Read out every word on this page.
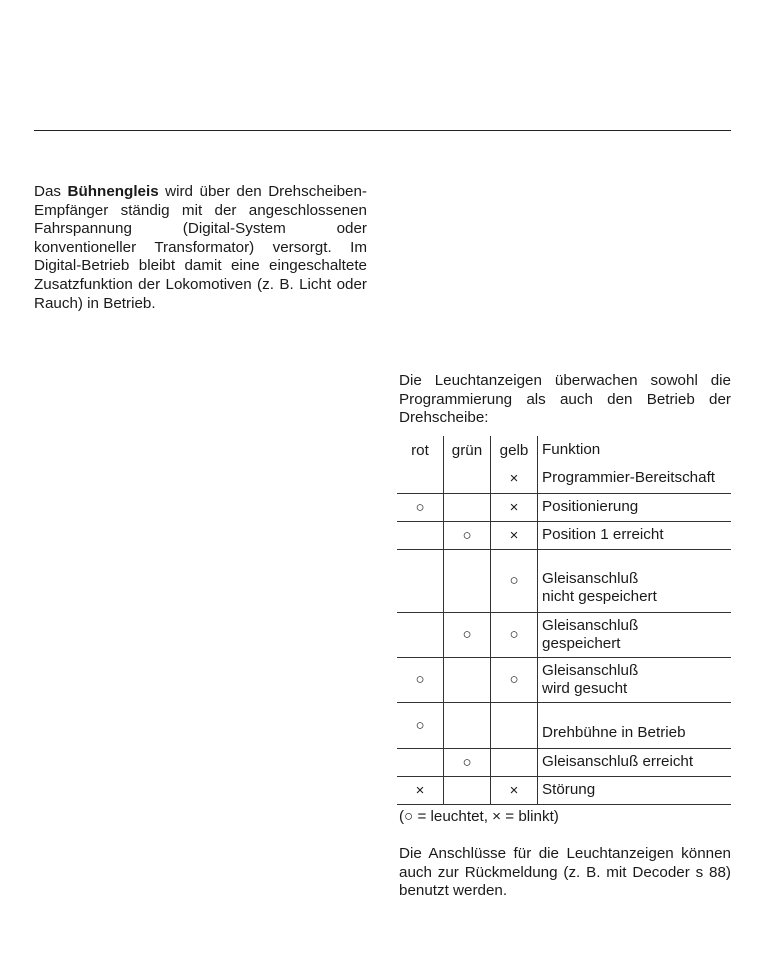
Das Bühnengleis wird über den Drehscheiben-Empfänger ständig mit der angeschlossenen Fahrspannung (Digital-System oder konventioneller Transformator) versorgt. Im Digital-Betrieb bleibt damit eine eingeschaltete Zusatzfunktion der Lokomotiven (z. B. Licht oder Rauch) in Betrieb.

Die Leuchtanzeigen überwachen sowohl die Programmierung als auch den Betrieb der Drehscheibe:

rot	grün	gelb	Funktion
		×	Programmier-Bereitschaft
○		×	Positionierung
	○	×	Position 1 erreicht
		○	Gleisanschluß
nicht gespeichert
	○	○	Gleisanschluß
gespeichert
○		○	Gleisanschluß
wird gesucht
○			Drehbühne in Betrieb
	○		Gleisanschluß erreicht
×		×	Störung
(○ = leuchtet, × = blinkt)

Die Anschlüsse für die Leuchtanzeigen können auch zur Rückmeldung (z. B. mit Decoder s 88) benutzt werden.
